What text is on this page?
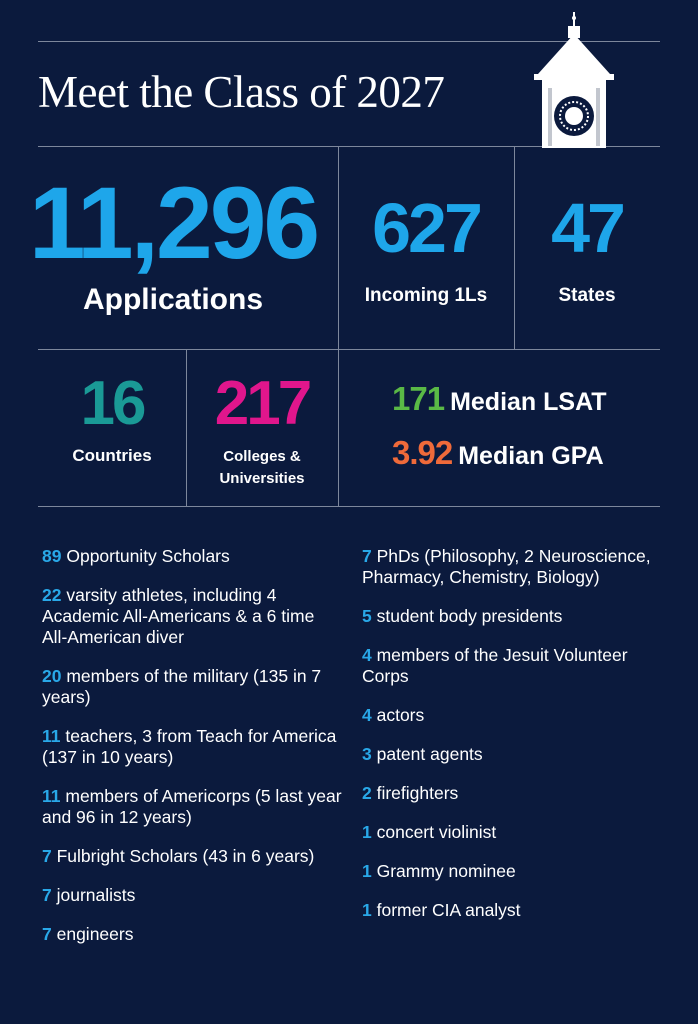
Meet the Class of 2027
11,296
Applications
627
Incoming 1Ls
47
States
16
Countries
217
Colleges & Universities
171 Median LSAT
3.92 Median GPA
89 Opportunity Scholars
22 varsity athletes, including 4 Academic All-Americans & a 6 time All-American diver
20 members of the military (135 in 7 years)
11 teachers, 3 from Teach for America (137 in 10 years)
11 members of Americorps (5 last year and 96 in 12 years)
7 Fulbright Scholars (43 in 6 years)
7 journalists
7 engineers
7 PhDs (Philosophy, 2 Neuroscience, Pharmacy, Chemistry, Biology)
5 student body presidents
4 members of the Jesuit Volunteer Corps
4 actors
3 patent agents
2 firefighters
1 concert violinist
1 Grammy nominee
1 former CIA analyst
